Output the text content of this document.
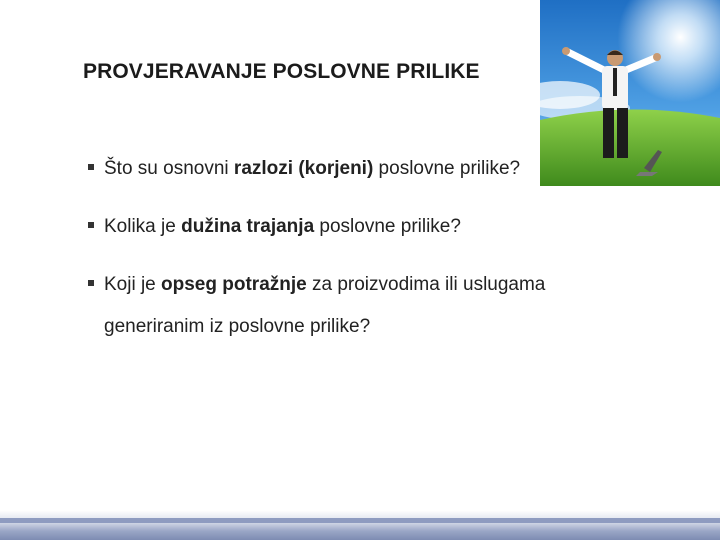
PROVJERAVANJE POSLOVNE PRILIKE
Što su osnovni razlozi (korjeni) poslovne prilike?
Kolika je dužina trajanja poslovne prilike?
Koji je opseg potražnje za proizvodima ili uslugama
generiranim iz poslovne prilike?
